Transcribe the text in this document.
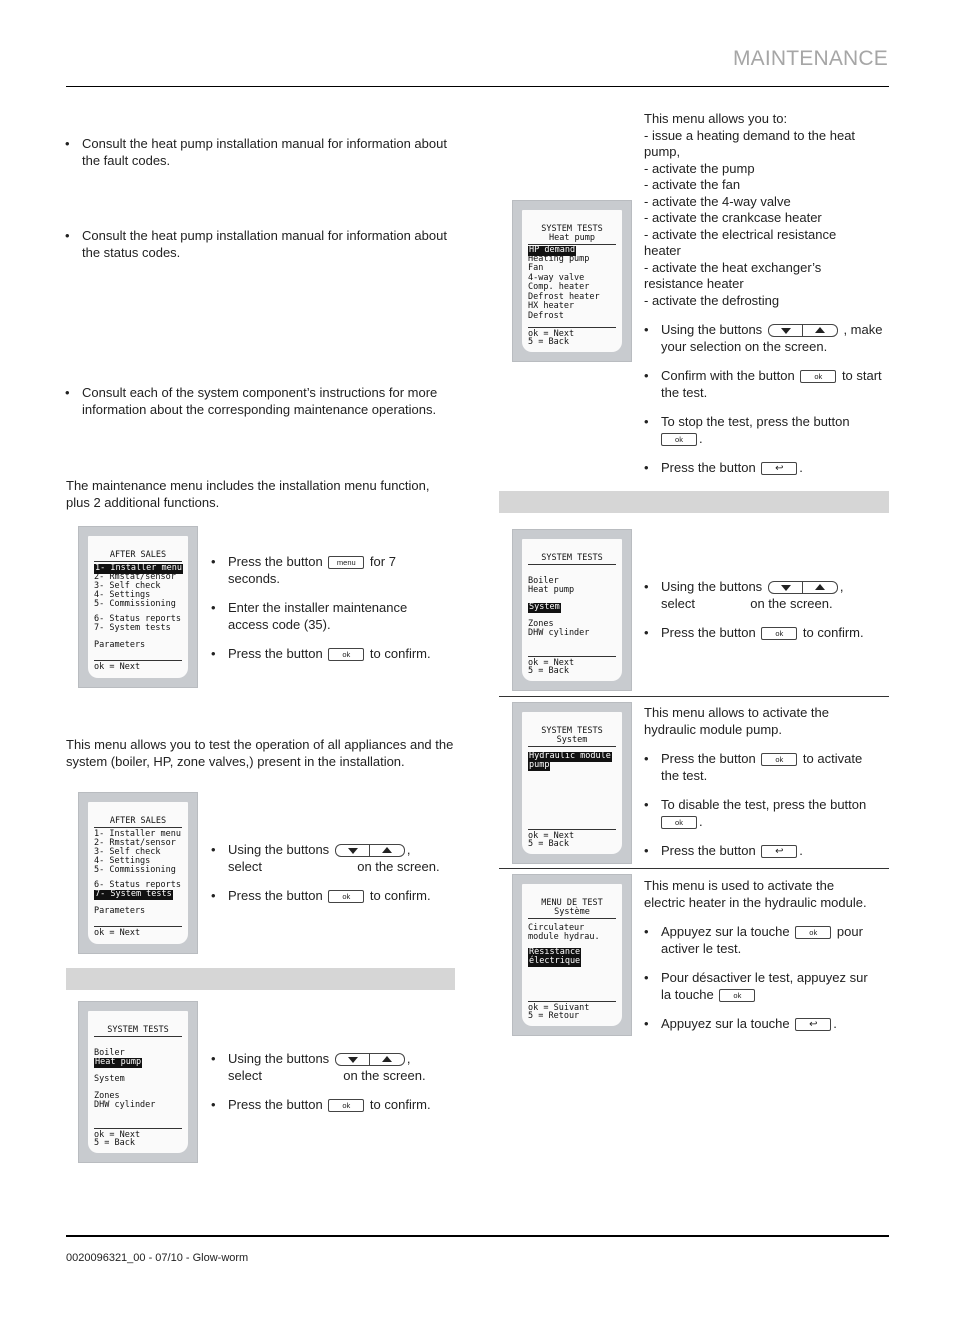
MAINTENANCE
• Consult the heat pump installation manual for information about the fault codes.
• Consult the heat pump installation manual for information about the status codes.
• Consult each of the system component’s instructions for more information about the corresponding maintenance operations.
The maintenance menu includes the installation menu function, plus 2 additional functions.
AFTER SALES
1- Installer menu
2- Rmstat/sensor
3- Self check
4- Settings
5- Commissioning
6- Status reports
7- System tests
Parameters
ok = Next
• Press the button menu for 7 seconds.
• Enter the installer maintenance access code (35).
• Press the button	ok to confirm.
This menu allows you to test the operation of all appliances and the system (boiler, HP, zone valves,) present in the installation.
AFTER SALES
1- Installer menu
2- Rmstat/sensor
3- Self check
4- Settings
5- Commissioning
6- Status reports
7- System tests
Parameters
ok = Next
• Using the buttons	,
select	on the screen.
• Press the button	ok to confirm.
SYSTEM TESTS
Boiler
Heat pump
System
Zones
DHW cylinder
ok = Next
5 = Back
• Using the buttons	,
select	on the screen.
• Press the button	ok to confirm.
SYSTEM TESTS
Heat pump
HP demand
Heating pump
Fan
4-way valve
Comp. heater
Defrost heater
HX heater
Defrost
ok = Next
5 = Back
This menu allows you to:
- issue a heating demand to the heat
pump,
- activate the pump
- activate the fan
- activate the 4-way valve
- activate the crankcase heater
- activate the electrical resistance
heater
- activate the heat exchanger’s
resistance heater
- activate the defrosting
• Using the buttons	, make
your selection on the screen.
• Confirm with the button	ok to start
the test.
• To stop the test, press the button
ok .
• Press the button ↩ .
SYSTEM TESTS
Boiler
Heat pump
System
Zones
DHW cylinder
ok = Next
5 = Back
• Using the buttons	,
select	on the screen.
• Press the button	ok to confirm.
SYSTEM TESTS
System
Hydraulic module
pump
ok = Next
5 = Back
This menu allows to activate the
hydraulic module pump.
• Press the button	ok to activate
the test.
• To disable the test, press the button
ok .
• Press the button ↩ .
MENU DE TEST
Système
Circulateur
module hydrau.
Résistance
électrique
ok = Suivant
5 = Retour
This menu is used to activate the
electric heater in the hydraulic module.
• Appuyez sur la touche	ok pour
activer le test.
• Pour désactiver le test, appuyez sur
la touche	ok
• Appuyez sur la touche ↩ .
0020096321_00 - 07/10 - Glow-worm
